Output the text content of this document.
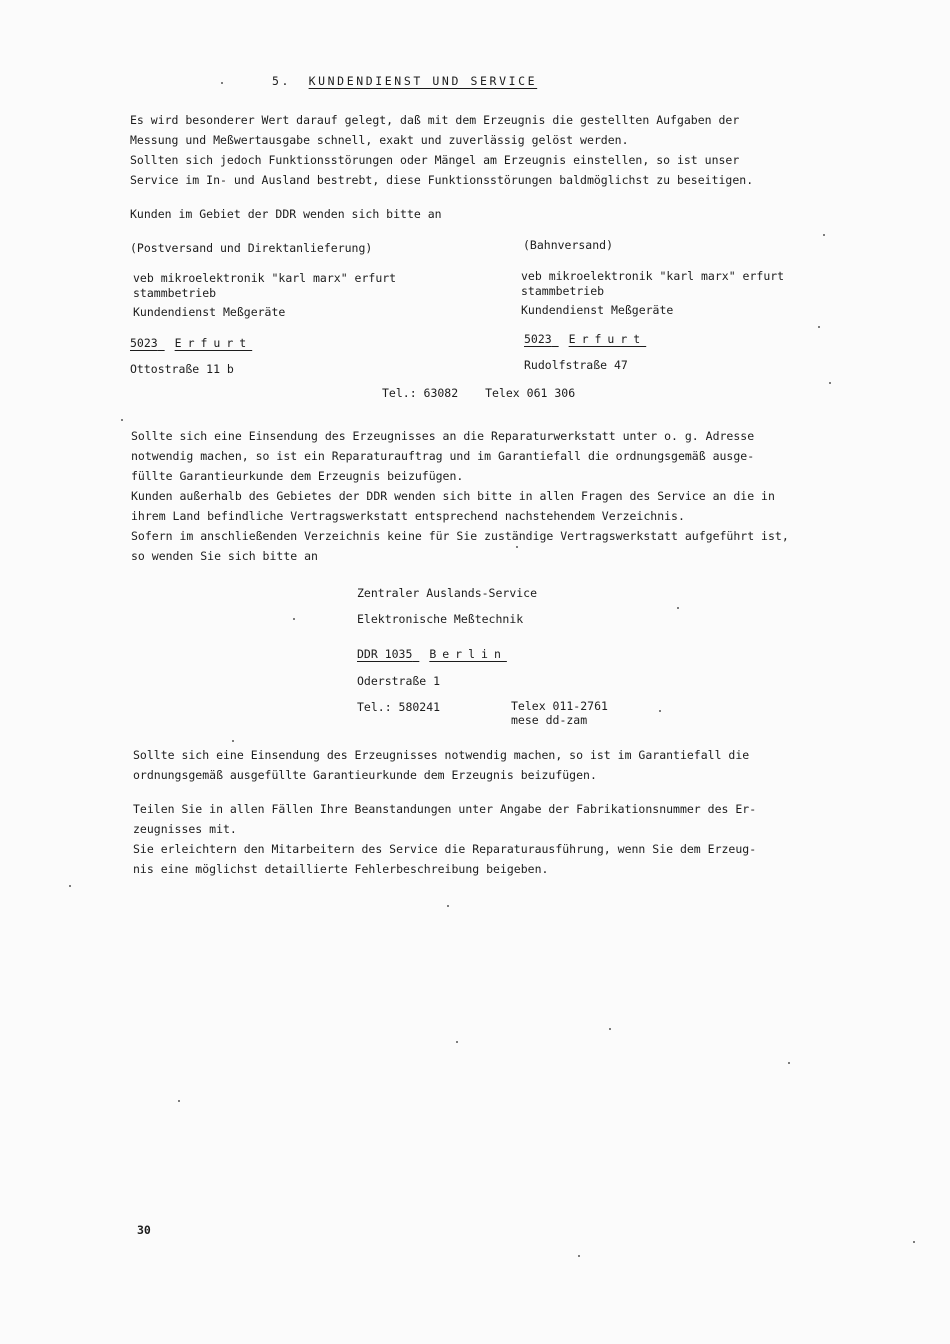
5. KUNDENDIENST UND SERVICE
Es wird besonderer Wert darauf gelegt, daß mit dem Erzeugnis die gestellten Aufgaben der
Messung und Meßwertausgabe schnell, exakt und zuverlässig gelöst werden.
Sollten sich jedoch Funktionsstörungen oder Mängel am Erzeugnis einstellen, so ist unser
Service im In- und Ausland bestrebt, diese Funktionsstörungen baldmöglichst zu beseitigen.
Kunden im Gebiet der DDR wenden sich bitte an
(Postversand und Direktanlieferung)
veb mikroelektronik "karl marx" erfurt
stammbetrieb
Kundendienst Meßgeräte
5023 Erfurt
Ottostraße 11 b
(Bahnversand)
veb mikroelektronik "karl marx" erfurt
stammbetrieb
Kundendienst Meßgeräte
5023 Erfurt
Rudolfstraße 47
Tel.: 63082 Telex 061 306
Sollte sich eine Einsendung des Erzeugnisses an die Reparaturwerkstatt unter o. g. Adresse
notwendig machen, so ist ein Reparaturauftrag und im Garantiefall die ordnungsgemäß ausge-
füllte Garantieurkunde dem Erzeugnis beizufügen.
Kunden außerhalb des Gebietes der DDR wenden sich bitte in allen Fragen des Service an die in
ihrem Land befindliche Vertragswerkstatt entsprechend nachstehendem Verzeichnis.
Sofern im anschließenden Verzeichnis keine für Sie zuständige Vertragswerkstatt aufgeführt ist,
so wenden Sie sich bitte an
Zentraler Auslands-Service
Elektronische Meßtechnik
DDR 1035 Berlin
Oderstraße 1
Tel.: 580241	Telex 011-2761
mese dd-zam
Sollte sich eine Einsendung des Erzeugnisses notwendig machen, so ist im Garantiefall die
ordnungsgemäß ausgefüllte Garantieurkunde dem Erzeugnis beizufügen.
Teilen Sie in allen Fällen Ihre Beanstandungen unter Angabe der Fabrikationsnummer des Er-
zeugnisses mit.
Sie erleichtern den Mitarbeitern des Service die Reparaturausführung, wenn Sie dem Erzeug-
nis eine möglichst detaillierte Fehlerbeschreibung beigeben.
30
